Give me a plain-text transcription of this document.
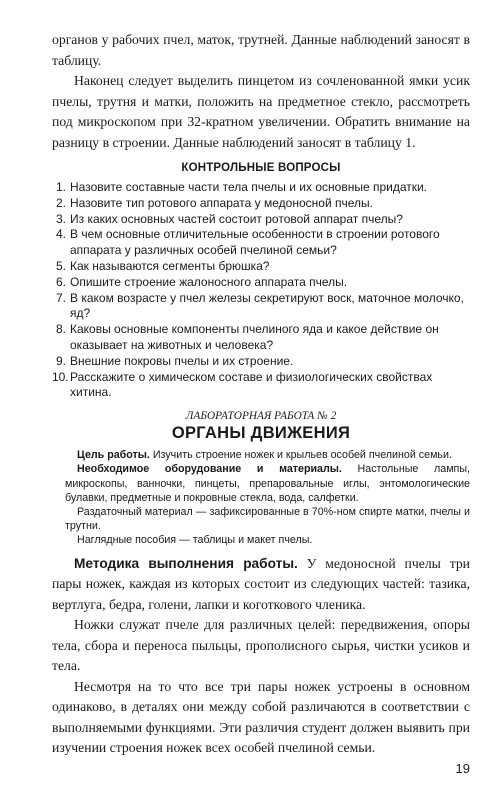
органов у рабочих пчел, маток, трутней. Данные наблюдений заносят в таблицу.

Наконец следует выделить пинцетом из сочленованной ямки усик пчелы, трутня и матки, положить на предметное стекло, рассмотреть под микроскопом при 32-кратном увеличении. Обратить внимание на разницу в строении. Данные наблюдений заносят в таблицу 1.

КОНТРОЛЬНЫЕ ВОПРОСЫ
1. Назовите составные части тела пчелы и их основные придатки.
2. Назовите тип ротового аппарата у медоносной пчелы.
3. Из каких основных частей состоит ротовой аппарат пчелы?
4. В чем основные отличительные особенности в строении ротового аппарата у различных особей пчелиной семьи?
5. Как называются сегменты брюшка?
6. Опишите строение жалоносного аппарата пчелы.
7. В каком возрасте у пчел железы секретируют воск, маточное молочко, яд?
8. Каковы основные компоненты пчелиного яда и какое действие он оказывает на животных и человека?
9. Внешние покровы пчелы и их строение.
10. Расскажите о химическом составе и физиологических свойствах хитина.
ЛАБОРАТОРНАЯ РАБОТА № 2
ОРГАНЫ ДВИЖЕНИЯ

Цель работы. Изучить строение ножек и крыльев особей пчелиной семьи.

Необходимое оборудование и материалы. Настольные лампы, микроскопы, ванночки, пинцеты, препаровальные иглы, энтомологические булавки, предметные и покровные стекла, вода, салфетки.

Раздаточный материал — зафиксированные в 70%-ном спирте матки, пчелы и трутни.

Наглядные пособия — таблицы и макет пчелы.

Методика выполнения работы. У медоносной пчелы три пары ножек, каждая из которых состоит из следующих частей: тазика, вертлуга, бедра, голени, лапки и коготкового членика.

Ножки служат пчеле для различных целей: передвижения, опоры тела, сбора и переноса пыльцы, прополисного сырья, чистки усиков и тела.

Несмотря на то что все три пары ножек устроены в основном одинаково, в деталях они между собой различаются в соответствии с выполняемыми функциями. Эти различия студент должен выявить при изучении строения ножек всех особей пчелиной семьи.

19
